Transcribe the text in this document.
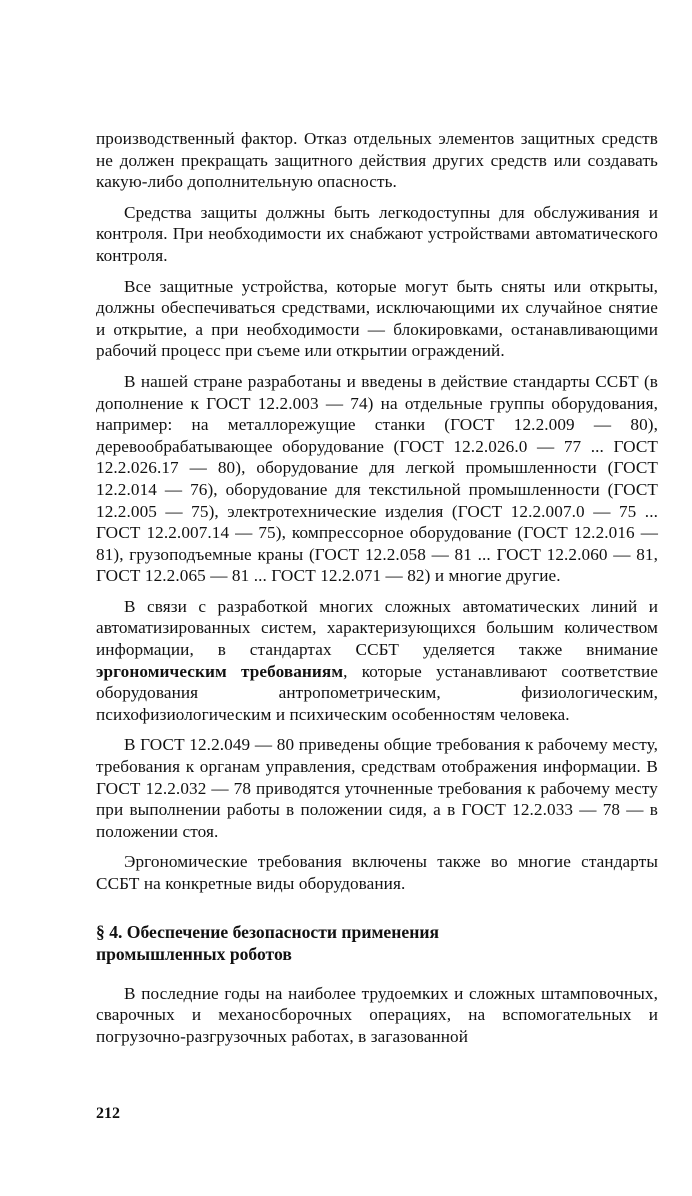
производственный фактор. Отказ отдельных элементов защитных средств не должен прекращать защитного действия других средств или создавать какую-либо дополнительную опасность.

Средства защиты должны быть легкодоступны для обслуживания и контроля. При необходимости их снабжают устройствами автоматического контроля.

Все защитные устройства, которые могут быть сняты или открыты, должны обеспечиваться средствами, исключающими их случайное снятие и открытие, а при необходимости — блокировками, останавливающими рабочий процесс при съеме или открытии ограждений.

В нашей стране разработаны и введены в действие стандарты ССБТ (в дополнение к ГОСТ 12.2.003 — 74) на отдельные группы оборудования, например: на металлорежущие станки (ГОСТ 12.2.009 — 80), деревообрабатывающее оборудование (ГОСТ 12.2.026.0 — 77 ... ГОСТ 12.2.026.17 — 80), оборудование для легкой промышленности (ГОСТ 12.2.014 — 76), оборудование для текстильной промышленности (ГОСТ 12.2.005 — 75), электротехнические изделия (ГОСТ 12.2.007.0 — 75 ... ГОСТ 12.2.007.14 — 75), компрессорное оборудование (ГОСТ 12.2.016 — 81), грузоподъемные краны (ГОСТ 12.2.058 — 81 ... ГОСТ 12.2.060 — 81, ГОСТ 12.2.065 — 81 ... ГОСТ 12.2.071 — 82) и многие другие.

В связи с разработкой многих сложных автоматических линий и автоматизированных систем, характеризующихся большим количеством информации, в стандартах ССБТ уделяется также внимание эргономическим требованиям, которые устанавливают соответствие оборудования антропометрическим, физиологическим, психофизиологическим и психическим особенностям человека.

В ГОСТ 12.2.049 — 80 приведены общие требования к рабочему месту, требования к органам управления, средствам отображения информации. В ГОСТ 12.2.032 — 78 приводятся уточненные требования к рабочему месту при выполнении работы в положении сидя, а в ГОСТ 12.2.033 — 78 — в положении стоя.

Эргономические требования включены также во многие стандарты ССБТ на конкретные виды оборудования.

§ 4. Обеспечение безопасности применения
промышленных роботов

В последние годы на наиболее трудоемких и сложных штамповочных, сварочных и механосборочных операциях, на вспомогательных и погрузочно-разгрузочных работах, в загазованной

212
